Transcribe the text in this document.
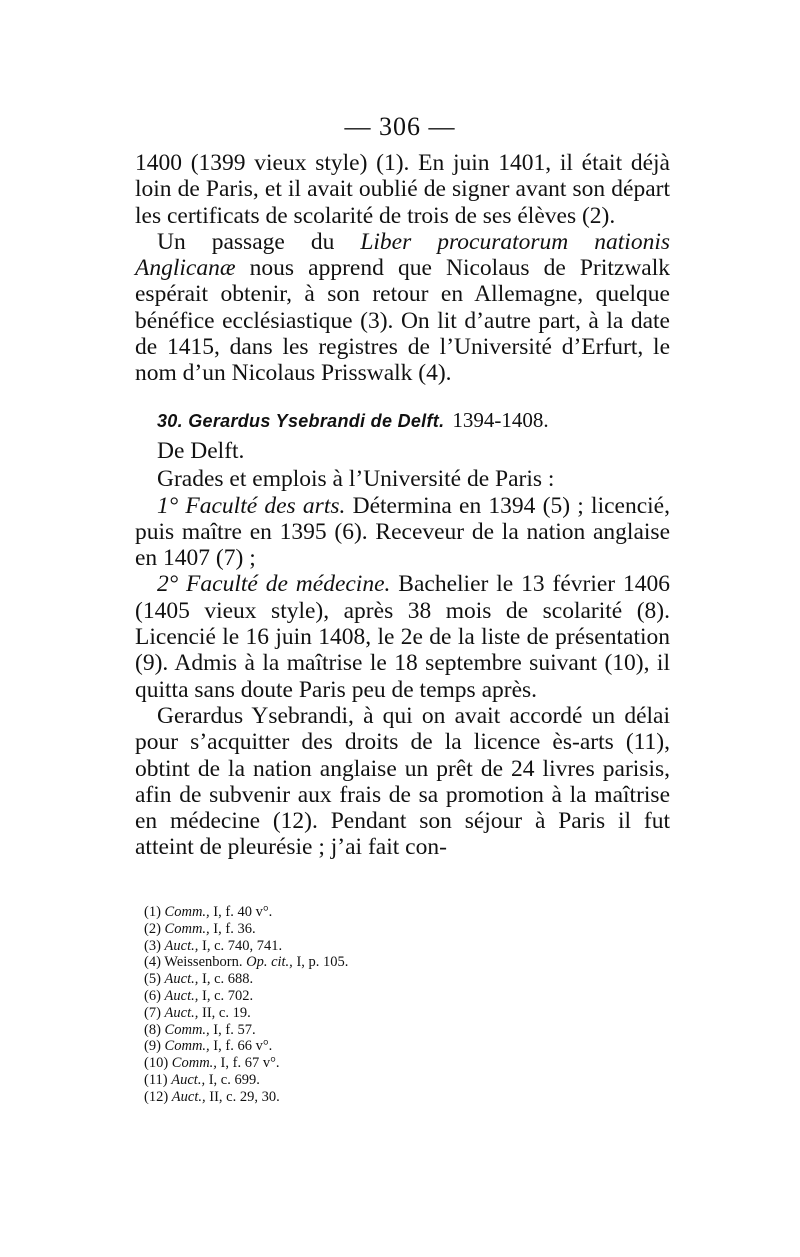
— 306 —

1400 (1399 vieux style) (1). En juin 1401, il était déjà loin de Paris, et il avait oublié de signer avant son départ les certificats de scolarité de trois de ses élèves (2).

Un passage du Liber procuratorum nationis Anglicanæ nous apprend que Nicolaus de Pritzwalk espérait obtenir, à son retour en Allemagne, quelque bénéfice ecclésiastique (3). On lit d’autre part, à la date de 1415, dans les registres de l’Université d’Erfurt, le nom d’un Nicolaus Prisswalk (4).

30. Gerardus Ysebrandi de Delft. 1394-1408.

De Delft.

Grades et emplois à l’Université de Paris :

1° Faculté des arts. Détermina en 1394 (5) ; licencié, puis maître en 1395 (6). Receveur de la nation anglaise en 1407 (7) ;

2° Faculté de médecine. Bachelier le 13 février 1406 (1405 vieux style), après 38 mois de scolarité (8). Licencié le 16 juin 1408, le 2e de la liste de présentation (9). Admis à la maîtrise le 18 septembre suivant (10), il quitta sans doute Paris peu de temps après.

Gerardus Ysebrandi, à qui on avait accordé un délai pour s’acquitter des droits de la licence ès-arts (11), obtint de la nation anglaise un prêt de 24 livres parisis, afin de subvenir aux frais de sa promotion à la maîtrise en médecine (12). Pendant son séjour à Paris il fut atteint de pleurésie ; j’ai fait con-

(1) Comm., I, f. 40 v°.
(2) Comm., I, f. 36.
(3) Auct., I, c. 740, 741.
(4) Weissenborn. Op. cit., I, p. 105.
(5) Auct., I, c. 688.
(6) Auct., I, c. 702.
(7) Auct., II, c. 19.
(8) Comm., I, f. 57.
(9) Comm., I, f. 66 v°.
(10) Comm., I, f. 67 v°.
(11) Auct., I, c. 699.
(12) Auct., II, c. 29, 30.
